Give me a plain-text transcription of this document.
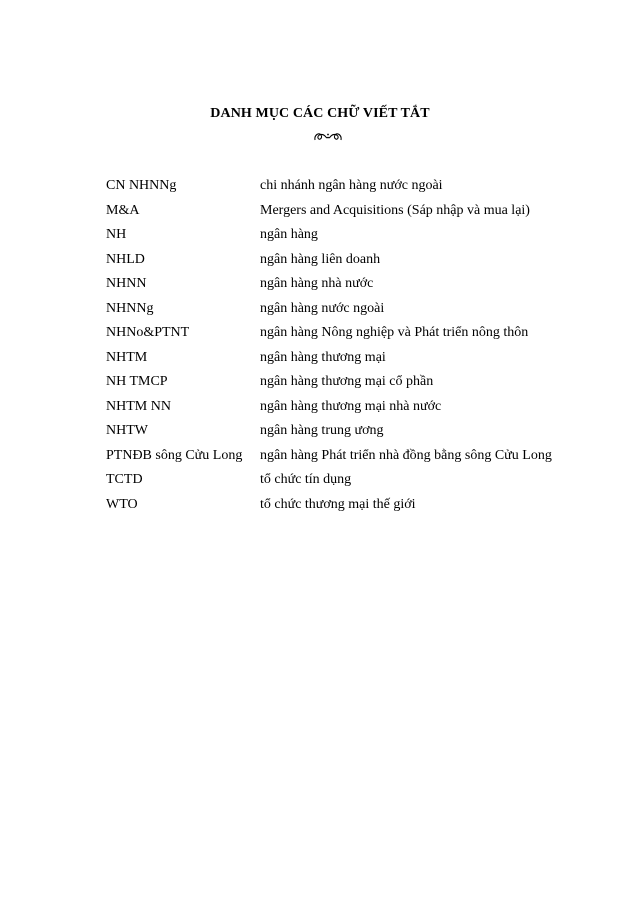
DANH MỤC CÁC CHỮ VIẾT TẮT
CN NHNNg	chi nhánh ngân hàng nước ngoài
M&A	Mergers and Acquisitions (Sáp nhập và mua lại)
NH	ngân hàng
NHLD	ngân hàng liên doanh
NHNN	ngân hàng nhà nước
NHNNg	ngân hàng nước ngoài
NHNo&PTNT	ngân hàng Nông nghiệp và Phát triển nông thôn
NHTM	ngân hàng thương mại
NH TMCP	ngân hàng thương mại cổ phần
NHTM NN	ngân hàng thương mại nhà nước
NHTW	ngân hàng trung ương
PTNĐB sông Cửu Long	ngân hàng Phát triển nhà đồng bằng sông Cửu Long
TCTD	tổ chức tín dụng
WTO	tổ chức thương mại thế giới
